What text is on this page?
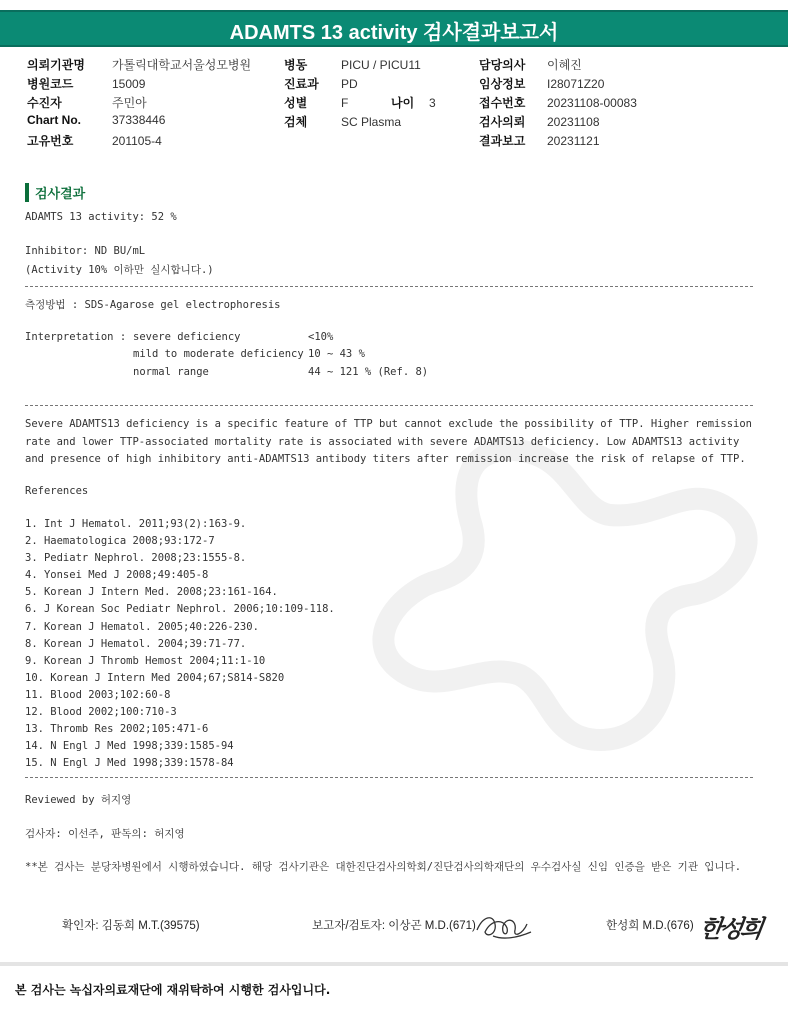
ADAMTS 13 activity 검사결과보고서
의뢰기관명 가톨릭대학교서울성모병원
병원코드	15009
수진자	주민아
Chart No.	37338446
고유번호	201105-4
병동	PICU / PICU11
진료과 PD
성별	F	나이 3
검체	SC Plasma
담당의사 이혜진
임상정보 I28071Z20
접수번호 20231108-00083
검사의뢰 20231108
결과보고 20231121
검사결과
ADAMTS 13 activity: 52 %
Inhibitor: ND BU/mL
(Activity 10% 이하만 실시합니다.)
측정방법 : SDS-Agarose gel electrophoresis
Interpretation : severe deficiency	<10%
mild to moderate deficiency 10 ~ 43 %
normal range	44 ~ 121 % (Ref. 8)
Severe ADAMTS13 deficiency is a specific feature of TTP but cannot exclude the possibility of TTP. Higher remission rate and lower TTP-associated mortality rate is associated with severe ADAMTS13 deficiency. Low ADAMTS13 activity and presence of high inhibitory anti-ADAMTS13 antibody titers after remission increase the risk of relapse of TTP.
References
1. Int J Hematol. 2011;93(2):163-9.
2. Haematologica 2008;93:172-7
3. Pediatr Nephrol. 2008;23:1555-8.
4. Yonsei Med J 2008;49:405-8
5. Korean J Intern Med. 2008;23:161-164.
6. J Korean Soc Pediatr Nephrol. 2006;10:109-118.
7. Korean J Hematol. 2005;40:226-230.
8. Korean J Hematol. 2004;39:71-77.
9. Korean J Thromb Hemost 2004;11:1-10
10. Korean J Intern Med 2004;67;S814-S820
11. Blood 2003;102:60-8
12. Blood 2002;100:710-3
13. Thromb Res 2002;105:471-6
14. N Engl J Med 1998;339:1585-94
15. N Engl J Med 1998;339:1578-84
Reviewed by 허지영
검사자: 이선주, 판독의: 허지영
**본 검사는 분당차병원에서 시행하였습니다. 해당 검사기관은 대한진단검사의학회/진단검사의학재단의 우수검사실 신임 인증을 받은 기관 입니다.
확인자: 김동희 M.T.(39575)	보고자/검토자: 이상곤 M.D.(671)	한성희 M.D.(676) 한성희
본 검사는 녹십자의료재단에 재위탁하여 시행한 검사입니다.
